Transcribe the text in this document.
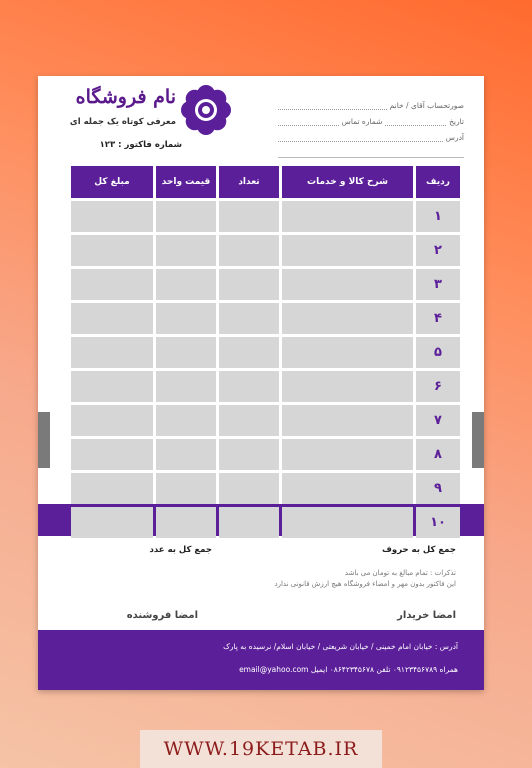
صورتحساب آقای / خانم
تاریخ
شماره تماس
آدرس
نام فروشگاه
معرفی کوتاه یک جمله ای
شماره فاکتور : ۱۲۳
ردیف
شرح کالا و خدمات
تعداد
قیمت واحد
مبلغ کل
۱
۲
۳
۴
۵
۶
۷
۸
۹
۱۰
جمع کل به حروف
جمع کل به عدد
تذکرات : تمام مبالغ به تومان می باشد
این فاکتور بدون مهر و امضاء فروشگاه هیچ ارزش قانونی ندارد
امضا خریدار
امضا فروشنده
آدرس : خیابان امام خمینی / خیابان شریعتی / خیابان اسلام/ نرسیده به پارک
همراه ۰۹۱۲۳۴۵۶۷۸۹ تلفن ۰۸۶۴۲۳۴۵۶۷۸ ایمیل email@yahoo.com
WWW.19KETAB.IR
